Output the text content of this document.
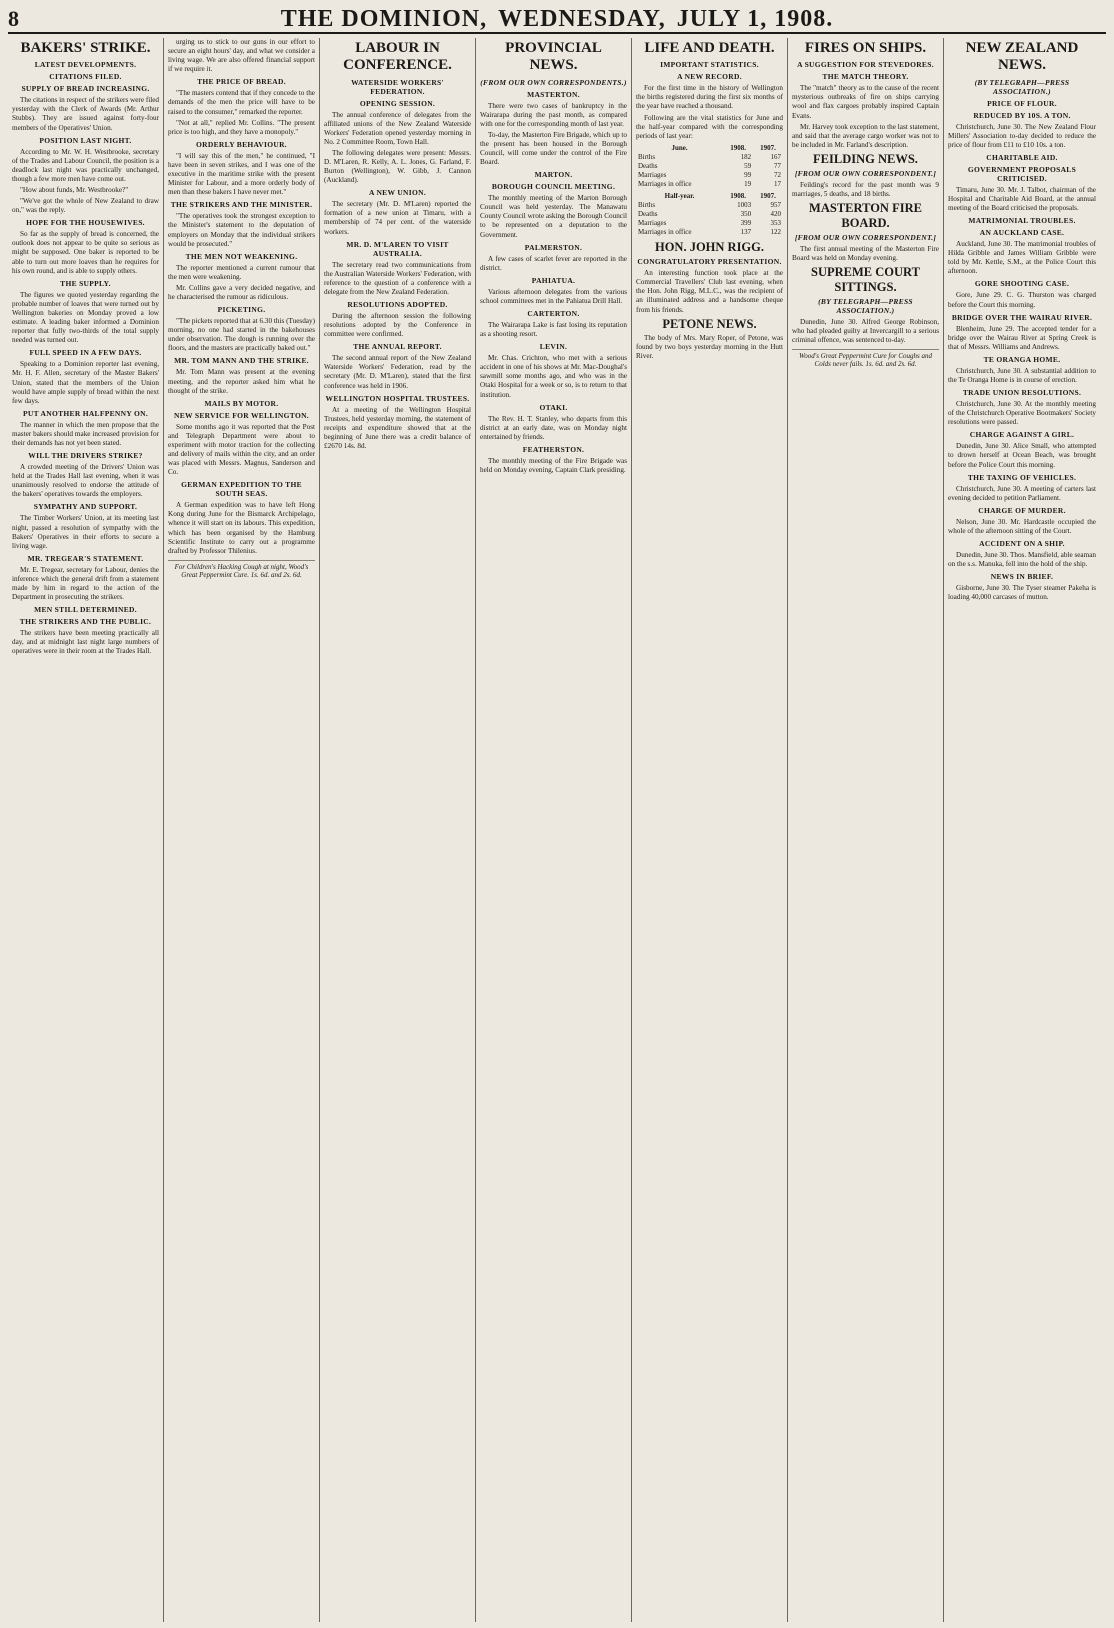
8	THE DOMINION, WEDNESDAY, JULY 1, 1908.
BAKERS' STRIKE.
LATEST DEVELOPMENTS.
CITATIONS FILED.
SUPPLY OF BREAD INCREASING.

The citations in respect of the strikers were filed yesterday with the Clerk of Awards (Mr. Arthur Stubbs). They are issued against forty-four members of the Operatives' Union.

POSITION LAST NIGHT.

According to Mr. W. H. Westbrooke, secretary of the Trades and Labour Council, the position is a deadlock last night was practically unchanged, though a few more men have come out.

"How about funds, Mr. Westbrooke?"

"We've got the whole of New Zealand to draw on," was the reply.

HOPE FOR THE HOUSEWIVES.

So far as the supply of bread is concerned, the outlook does not appear to be quite so serious as might be supposed. One baker is reported to be able to turn out more loaves than he requires for his own round, and is able to supply others.

THE SUPPLY.

The figures we quoted yesterday regarding the probable number of loaves that were turned out by Wellington bakeries on Monday proved a low estimate. A leading baker informed a Dominion reporter that fully two-thirds of the total supply needed was turned out.

FULL SPEED IN A FEW DAYS.

Speaking to a Dominion reporter last evening, Mr. H. F. Allen, secretary of the Master Bakers' Union, stated that the members of the Union would have ample supply of bread within the next few days.

PUT ANOTHER HALFPENNY ON.

The manner in which the men propose that the master bakers should make increased provision for their demands has not yet been stated.

WILL THE DRIVERS STRIKE?

A crowded meeting of the Drivers' Union was held at the Trades Hall last evening, when it was unanimously resolved to endorse the attitude of the bakers' operatives towards the employers.

SYMPATHY AND SUPPORT.

The Timber Workers' Union, at its meeting last night, passed a resolution of sympathy with the Bakers' Operatives in their efforts to secure a living wage.

MR. TREGEAR'S STATEMENT.

Mr. E. Tregear, secretary for Labour, denies the inference which the general drift from a statement made by him in regard to the action of the Department in prosecuting the strikers.

MEN STILL DETERMINED.
THE STRIKERS AND THE PUBLIC.

The strikers have been meeting practically all day, and at midnight last night large numbers of operatives were in their room at the Trades Hall.

urging us to stick to our guns in our effort to secure an eight hours' day, and what we consider a living wage. We are also offered financial support if we require it.

THE PRICE OF BREAD.

"The masters contend that if they concede to the demands of the men the price will have to be raised to the consumer," remarked the reporter.

"Not at all," replied Mr. Collins. "The present price is too high, and they have a monopoly."

ORDERLY BEHAVIOUR.

"I will say this of the men," he continued, "I have been in seven strikes, and I was one of the executive in the maritime strike with the present Minister for Labour, and a more orderly body of men than these bakers I have never met."

THE STRIKERS AND THE MINISTER.

"The operatives took the strongest exception to the Minister's statement to the deputation of employers on Monday that the individual strikers would be prosecuted."

THE MEN NOT WEAKENING.

The reporter mentioned a current rumour that the men were weakening.

Mr. Collins gave a very decided negative, and he characterised the rumour as ridiculous.

PICKETING.

"The pickets reported that at 6.30 this (Tuesday) morning, no one had started in the bakehouses under observation. The dough is running over the floors, and the masters are practically baked out."

MR. TOM MANN AND THE STRIKE.

Mr. Tom Mann was present at the evening meeting, and the reporter asked him what he thought of the strike.

MAILS BY MOTOR.
NEW SERVICE FOR WELLINGTON.

Some months ago it was reported that the Post and Telegraph Department were about to experiment with motor traction for the collecting and delivery of mails within the city, and an order was placed with Messrs. Magnus, Sanderson and Co.

GERMAN EXPEDITION TO THE SOUTH SEAS.

A German expedition was to have left Hong Kong during June for the Bismarck Archipelago, whence it will start on its labours. This expedition, which has been organised by the Hamburg Scientific Institute to carry out a programme drafted by Professor Thilenius.

For Children's Hacking Cough at night, Wood's Great Peppermint Cure. 1s. 6d. and 2s. 6d.
LABOUR IN CONFERENCE.
WATERSIDE WORKERS' FEDERATION.
OPENING SESSION.

The annual conference of delegates from the affiliated unions of the New Zealand Waterside Workers' Federation opened yesterday morning in No. 2 Committee Room, Town Hall.

The following delegates were present: Messrs. D. M'Laren, R. Kelly, A. L. Jones, G. Farland, F. Burton (Wellington), W. Gibb, J. Cannon (Auckland).

A NEW UNION.

The secretary (Mr. D. M'Laren) reported the formation of a new union at Timaru, with a membership of 74 per cent. of the waterside workers.

MR. D. M'LAREN TO VISIT AUSTRALIA.

The secretary read two communications from the Australian Waterside Workers' Federation, with reference to the question of a conference with a delegate from the New Zealand Federation.

RESOLUTIONS ADOPTED.

During the afternoon session the following resolutions adopted by the Conference in committee were confirmed.

THE ANNUAL REPORT.

The second annual report of the New Zealand Waterside Workers' Federation, read by the secretary (Mr. D. M'Laren), stated that the first conference was held in 1906.

WELLINGTON HOSPITAL TRUSTEES.

At a meeting of the Wellington Hospital Trustees, held yesterday morning, the statement of receipts and expenditure showed that at the beginning of June there was a credit balance of £2670 14s. 8d.

PROVINCIAL NEWS.
(FROM OUR OWN CORRESPONDENTS.)
MASTERTON.

There were two cases of bankruptcy in the Wairarapa during the past month, as compared with one for the corresponding month of last year.

To-day, the Masterton Fire Brigade, which up to the present has been housed in the Borough Council, will come under the control of the Fire Board.

MARTON.
BOROUGH COUNCIL MEETING.

The monthly meeting of the Marton Borough Council was held yesterday. The Manawatu County Council wrote asking the Borough Council to be represented on a deputation to the Government.

PALMERSTON.

A few cases of scarlet fever are reported in the district.

PAHIATUA.

Various afternoon delegates from the various school committees met in the Pahiatua Drill Hall.

CARTERTON.

The Wairarapa Lake is fast losing its reputation as a shooting resort.

LEVIN.

Mr. Chas. Crichton, who met with a serious accident in one of his shows at Mr. Mac-Doughal's sawmill some months ago, and who was in the Otaki Hospital for a week or so, is to return to that institution.

OTAKI.

The Rev. H. T. Stanley, who departs from this district at an early date, was on Monday night entertained by friends.

FEATHERSTON.

The monthly meeting of the Fire Brigade was held on Monday evening, Captain Clark presiding.

LIFE AND DEATH.
IMPORTANT STATISTICS.
A NEW RECORD.

For the first time in the history of Wellington the births registered during the first six months of the year have reached a thousand.

Following are the vital statistics for June and the half-year compared with the corresponding periods of last year:

June.	1908.	1907.
Births	182	167
Deaths	59	77
Marriages	99	72
Marriages in office	19	17
Half-year.	1908.	1907.
Births	1003	957
Deaths	350	420
Marriages	399	353
Marriages in office	137	122
HON. JOHN RIGG.
CONGRATULATORY PRESENTATION.

An interesting function took place at the Commercial Travellers' Club last evening, when the Hon. John Rigg, M.L.C., was the recipient of an illuminated address and a handsome cheque from his friends.

PETONE NEWS.

The body of Mrs. Mary Roper, of Petone, was found by two boys yesterday morning in the Hutt River.

FIRES ON SHIPS.
A SUGGESTION FOR STEVEDORES.
THE MATCH THEORY.

The "match" theory as to the cause of the recent mysterious outbreaks of fire on ships carrying wool and flax cargoes probably inspired Captain Evans.

Mr. Harvey took exception to the last statement, and said that the average cargo worker was not to be included in Mr. Farland's description.

FEILDING NEWS.
[FROM OUR OWN CORRESPONDENT.]

Feilding's record for the past month was 9 marriages, 5 deaths, and 18 births.

MASTERTON FIRE BOARD.
[FROM OUR OWN CORRESPONDENT.]

The first annual meeting of the Masterton Fire Board was held on Monday evening.

SUPREME COURT SITTINGS.
(BY TELEGRAPH—PRESS ASSOCIATION.)

Dunedin, June 30. Alfred George Robinson, who had pleaded guilty at Invercargill to a serious criminal offence, was sentenced to-day.

Wood's Great Peppermint Cure for Coughs and Colds never fails. 1s. 6d. and 2s. 6d.
NEW ZEALAND NEWS.
(BY TELEGRAPH—PRESS ASSOCIATION.)
PRICE OF FLOUR.
REDUCED BY 10S. A TON.

Christchurch, June 30. The New Zealand Flour Millers' Association to-day decided to reduce the price of flour from £11 to £10 10s. a ton.

CHARITABLE AID.
GOVERNMENT PROPOSALS CRITICISED.

Timaru, June 30. Mr. J. Talbot, chairman of the Hospital and Charitable Aid Board, at the annual meeting of the Board criticised the proposals.

MATRIMONIAL TROUBLES.
AN AUCKLAND CASE.

Auckland, June 30. The matrimonial troubles of Hilda Gribble and James William Gribble were told by Mr. Kettle, S.M., at the Police Court this afternoon.

GORE SHOOTING CASE.

Gore, June 29. C. G. Thurston was charged before the Court this morning.

BRIDGE OVER THE WAIRAU RIVER.

Blenheim, June 29. The accepted tender for a bridge over the Wairau River at Spring Creek is that of Messrs. Williams and Andrews.

TE ORANGA HOME.

Christchurch, June 30. A substantial addition to the Te Oranga Home is in course of erection.

TRADE UNION RESOLUTIONS.

Christchurch, June 30. At the monthly meeting of the Christchurch Operative Bootmakers' Society resolutions were passed.

CHARGE AGAINST A GIRL.

Dunedin, June 30. Alice Small, who attempted to drown herself at Ocean Beach, was brought before the Police Court this morning.

THE TAXING OF VEHICLES.

Christchurch, June 30. A meeting of carters last evening decided to petition Parliament.

CHARGE OF MURDER.

Nelson, June 30. Mr. Hardcastle occupied the whole of the afternoon sitting of the Court.

ACCIDENT ON A SHIP.

Dunedin, June 30. Thos. Mansfield, able seaman on the s.s. Manuka, fell into the hold of the ship.

NEWS IN BRIEF.

Gisborne, June 30. The Tyser steamer Pakeha is loading 40,000 carcases of mutton.
